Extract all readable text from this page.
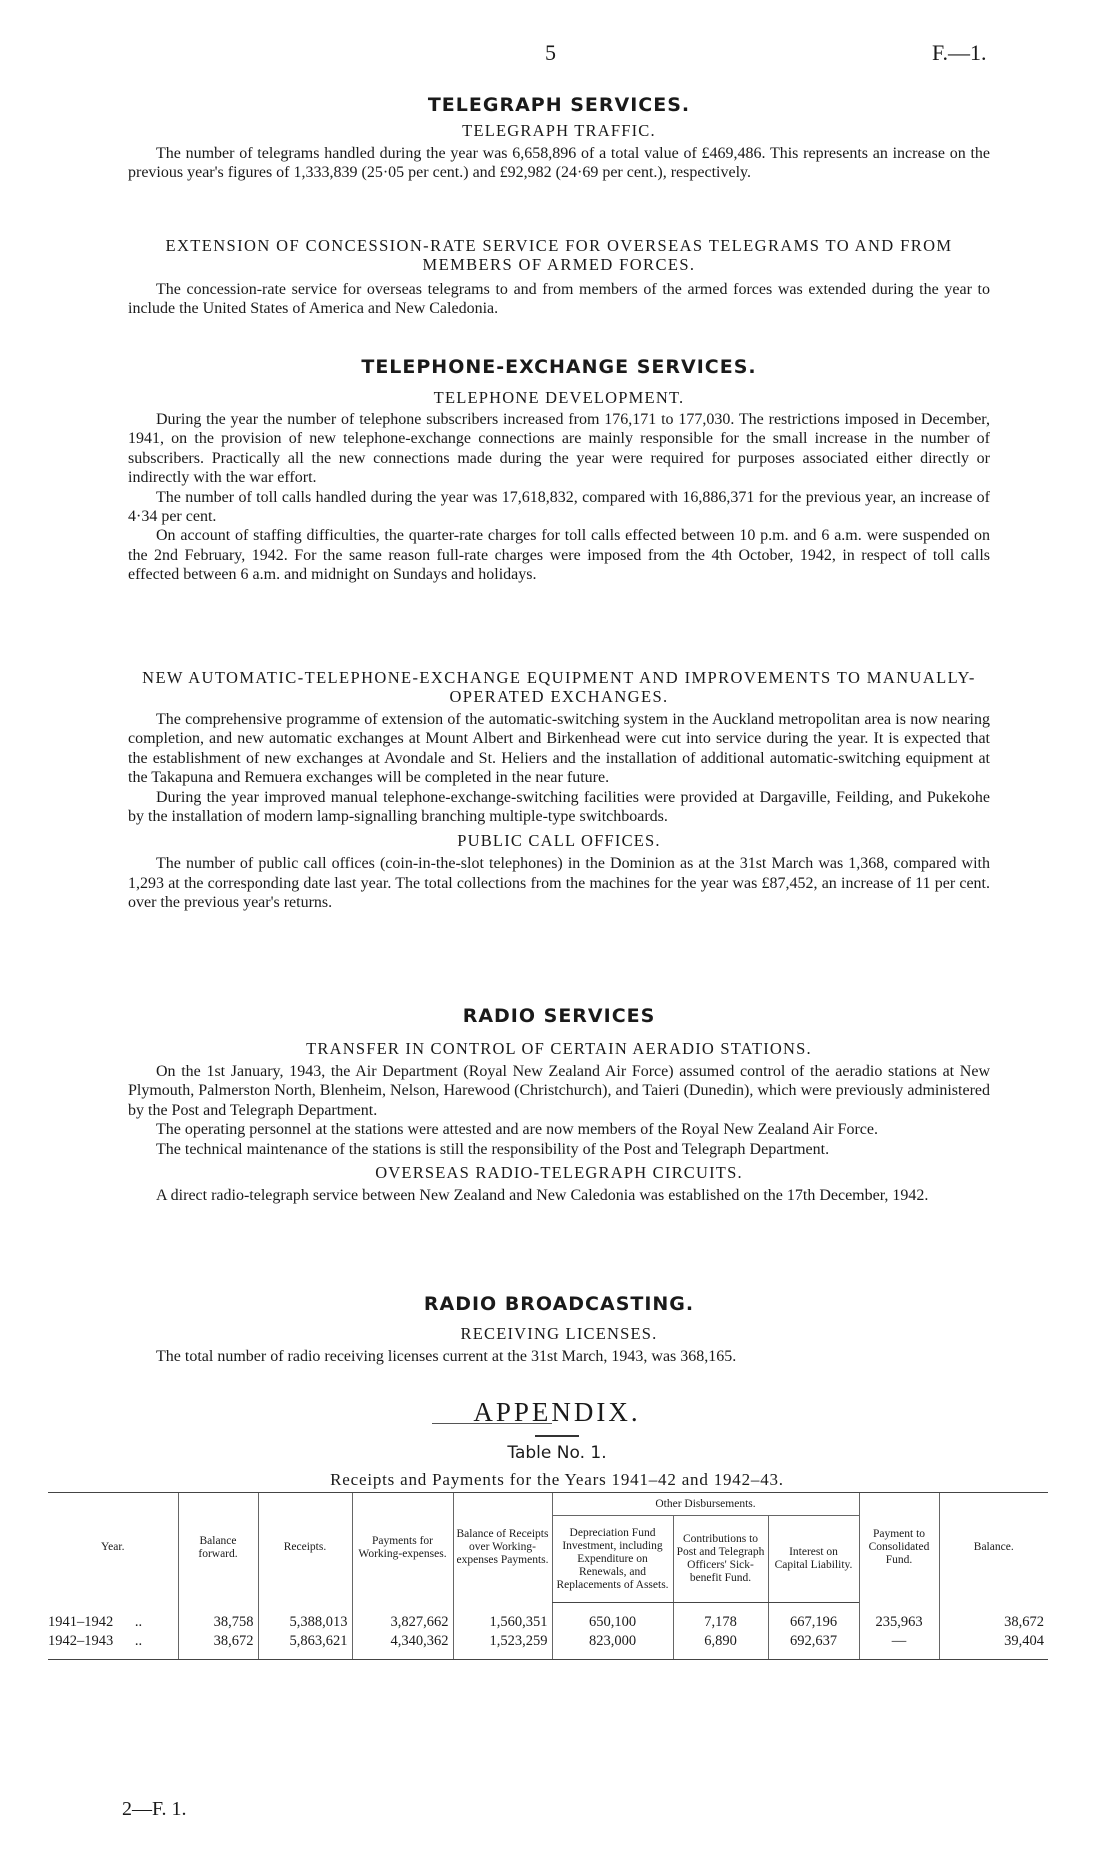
5	F.—1.
TELEGRAPH SERVICES.
TELEGRAPH TRAFFIC.

The number of telegrams handled during the year was 6,658,896 of a total value of £469,486. This represents an increase on the previous year's figures of 1,333,839 (25·05 per cent.) and £92,982 (24·69 per cent.), respectively.

EXTENSION OF CONCESSION-RATE SERVICE FOR OVERSEAS TELEGRAMS TO AND FROM MEMBERS OF ARMED FORCES.

The concession-rate service for overseas telegrams to and from members of the armed forces was extended during the year to include the United States of America and New Caledonia.

TELEPHONE-EXCHANGE SERVICES.
TELEPHONE DEVELOPMENT.

During the year the number of telephone subscribers increased from 176,171 to 177,030. The restrictions imposed in December, 1941, on the provision of new telephone-exchange connections are mainly responsible for the small increase in the number of subscribers. Practically all the new connections made during the year were required for purposes associated either directly or indirectly with the war effort.

The number of toll calls handled during the year was 17,618,832, compared with 16,886,371 for the previous year, an increase of 4·34 per cent.

On account of staffing difficulties, the quarter-rate charges for toll calls effected between 10 p.m. and 6 a.m. were suspended on the 2nd February, 1942. For the same reason full-rate charges were imposed from the 4th October, 1942, in respect of toll calls effected between 6 a.m. and midnight on Sundays and holidays.

NEW AUTOMATIC-TELEPHONE-EXCHANGE EQUIPMENT AND IMPROVEMENTS TO MANUALLY-OPERATED EXCHANGES.

The comprehensive programme of extension of the automatic-switching system in the Auckland metropolitan area is now nearing completion, and new automatic exchanges at Mount Albert and Birkenhead were cut into service during the year. It is expected that the establishment of new exchanges at Avondale and St. Heliers and the installation of additional automatic-switching equipment at the Takapuna and Remuera exchanges will be completed in the near future.

During the year improved manual telephone-exchange-switching facilities were provided at Dargaville, Feilding, and Pukekohe by the installation of modern lamp-signalling branching multiple-type switchboards.

PUBLIC CALL OFFICES.

The number of public call offices (coin-in-the-slot telephones) in the Dominion as at the 31st March was 1,368, compared with 1,293 at the corresponding date last year. The total collections from the machines for the year was £87,452, an increase of 11 per cent. over the previous year's returns.

RADIO SERVICES
TRANSFER IN CONTROL OF CERTAIN AERADIO STATIONS.

On the 1st January, 1943, the Air Department (Royal New Zealand Air Force) assumed control of the aeradio stations at New Plymouth, Palmerston North, Blenheim, Nelson, Harewood (Christchurch), and Taieri (Dunedin), which were previously administered by the Post and Telegraph Department.

The operating personnel at the stations were attested and are now members of the Royal New Zealand Air Force.

The technical maintenance of the stations is still the responsibility of the Post and Telegraph Department.

OVERSEAS RADIO-TELEGRAPH CIRCUITS.

A direct radio-telegraph service between New Zealand and New Caledonia was established on the 17th December, 1942.

RADIO BROADCASTING.
RECEIVING LICENSES.

The total number of radio receiving licenses current at the 31st March, 1943, was 368,165.

APPENDIX.
Table No. 1.
Receipts and Payments for the Years 1941–42 and 1942–43.
Year.	Balance forward.	Receipts.	Payments for Working-expenses.	Balance of Receipts over Working-expenses Payments.	Other Disbursements.			Payment to Consolidated Fund.	Balance.
					Depreciation Fund Investment, including Expenditure on Renewals, and Replacements of Assets.	Contributions to Post and Telegraph Officers' Sick-benefit Fund.	Interest on Capital Liability.		

1941–1942 ..	38,758	5,388,013	3,827,662	1,560,351	650,100	7,178	667,196	235,963	38,672
1942–1943 ..	38,672	5,863,621	4,340,362	1,523,259	823,000	6,890	692,637	—	39,404

2—F. 1.
